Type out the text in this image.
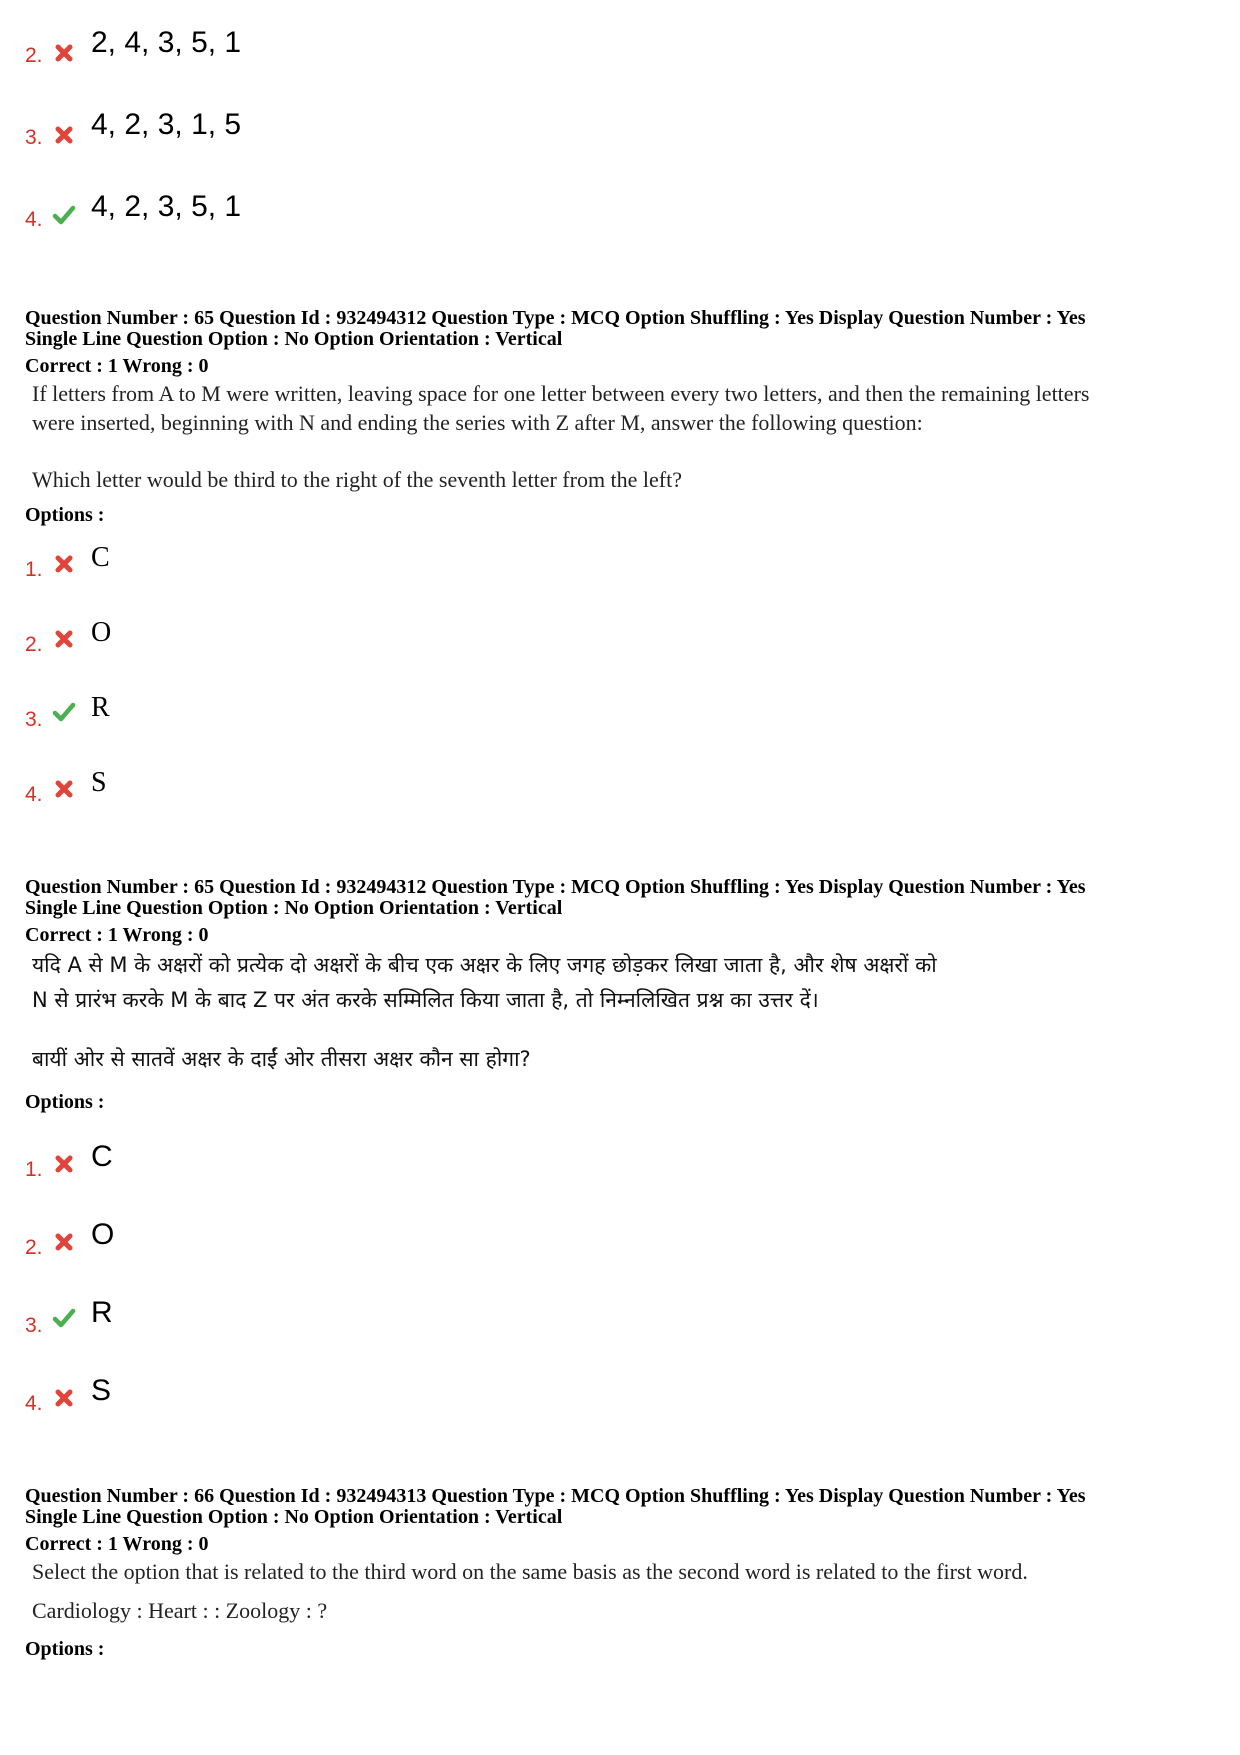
2. 2, 4, 3, 5, 1
3. 4, 2, 3, 1, 5
4. 4, 2, 3, 5, 1
Question Number : 65 Question Id : 932494312 Question Type : MCQ Option Shuffling : Yes Display Question Number : Yes
Single Line Question Option : No Option Orientation : Vertical
Correct : 1 Wrong : 0
If letters from A to M were written, leaving space for one letter between every two letters, and then the remaining letters
were inserted, beginning with N and ending the series with Z after M, answer the following question:
Which letter would be third to the right of the seventh letter from the left?
Options :
1. C
2. O
3. R
4. S
Question Number : 65 Question Id : 932494312 Question Type : MCQ Option Shuffling : Yes Display Question Number : Yes
Single Line Question Option : No Option Orientation : Vertical
Correct : 1 Wrong : 0
यदि A से M के अक्षरों को प्रत्येक दो अक्षरों के बीच एक अक्षर के लिए जगह छोड़कर लिखा जाता है, और शेष अक्षरों को
N से प्रारंभ करके M के बाद Z पर अंत करके सम्मिलित किया जाता है, तो निम्नलिखित प्रश्न का उत्तर दें।
बायीं ओर से सातवें अक्षर के दाईं ओर तीसरा अक्षर कौन सा होगा?
Options :
1. C
2. O
3. R
4. S
Question Number : 66 Question Id : 932494313 Question Type : MCQ Option Shuffling : Yes Display Question Number : Yes
Single Line Question Option : No Option Orientation : Vertical
Correct : 1 Wrong : 0
Select the option that is related to the third word on the same basis as the second word is related to the first word.
Cardiology : Heart : : Zoology : ?
Options :
